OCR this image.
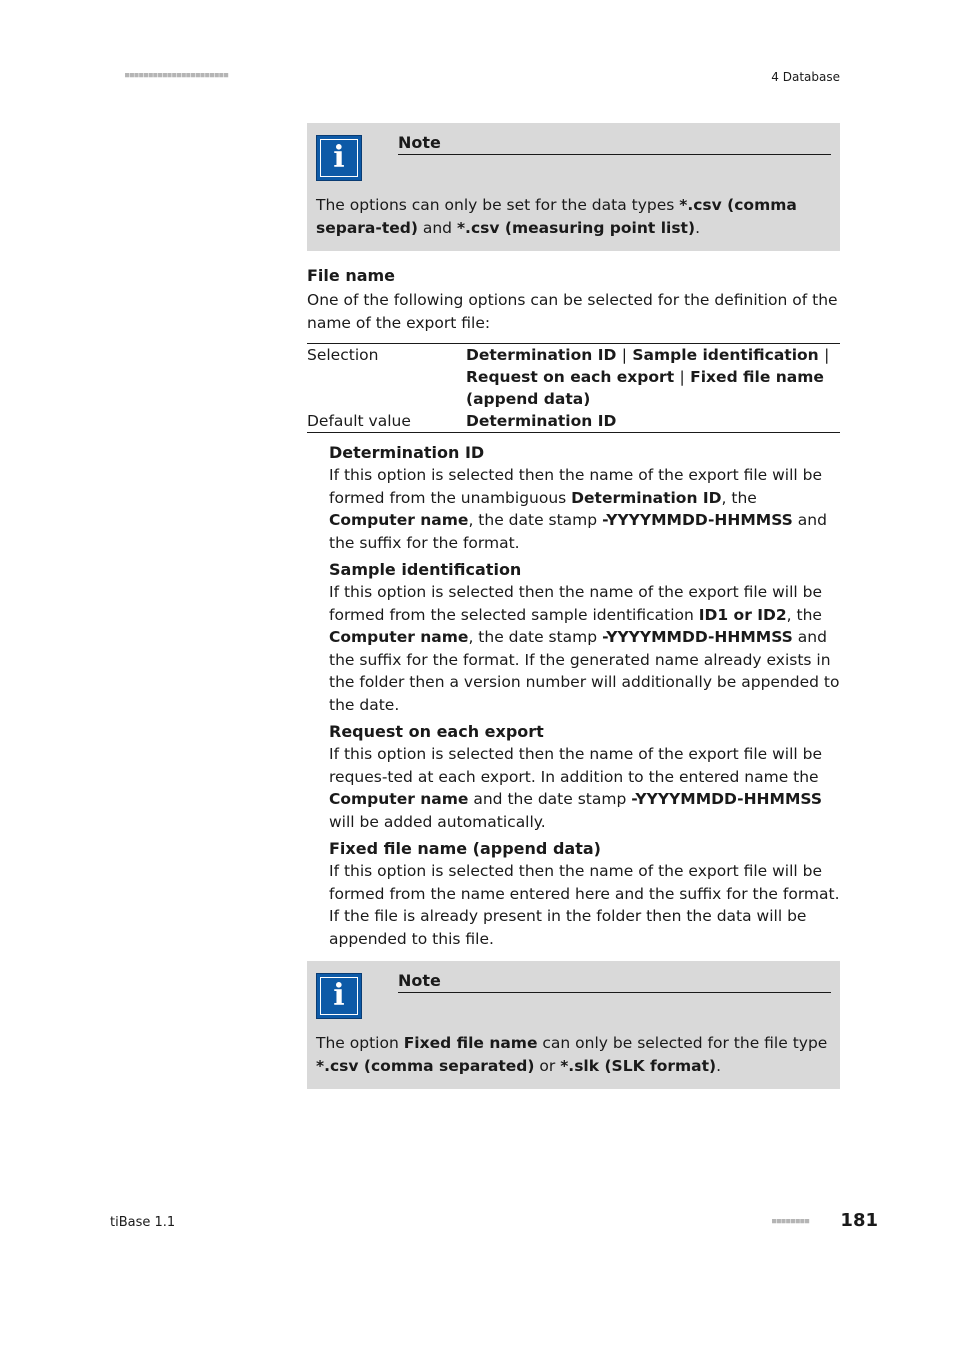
■■■■■■■■■■■■■■■■■■■■■■	4 Database
i	Note
The options can only be set for the data types *.csv (comma separa-ted) and *.csv (measuring point list).
File name
One of the following options can be selected for the definition of the name of the export file:
Selection	Determination ID | Sample identification | Request on each export | Fixed file name (append data)
Default value	Determination ID
Determination ID
If this option is selected then the name of the export file will be formed from the unambiguous Determination ID, the Computer name, the date stamp -YYYYMMDD-HHMMSS and the suffix for the format.
Sample identification
If this option is selected then the name of the export file will be formed from the selected sample identification ID1 or ID2, the Computer name, the date stamp -YYYYMMDD-HHMMSS and the suffix for the format. If the generated name already exists in the folder then a version number will additionally be appended to the date.
Request on each export
If this option is selected then the name of the export file will be reques-ted at each export. In addition to the entered name the Computer name and the date stamp -YYYYMMDD-HHMMSS will be added automatically.
Fixed file name (append data)
If this option is selected then the name of the export file will be formed from the name entered here and the suffix for the format. If the file is already present in the folder then the data will be appended to this file.
i	Note
The option Fixed file name can only be selected for the file type *.csv (comma separated) or *.slk (SLK format).
tiBase 1.1	■■■■■■■■ 181
